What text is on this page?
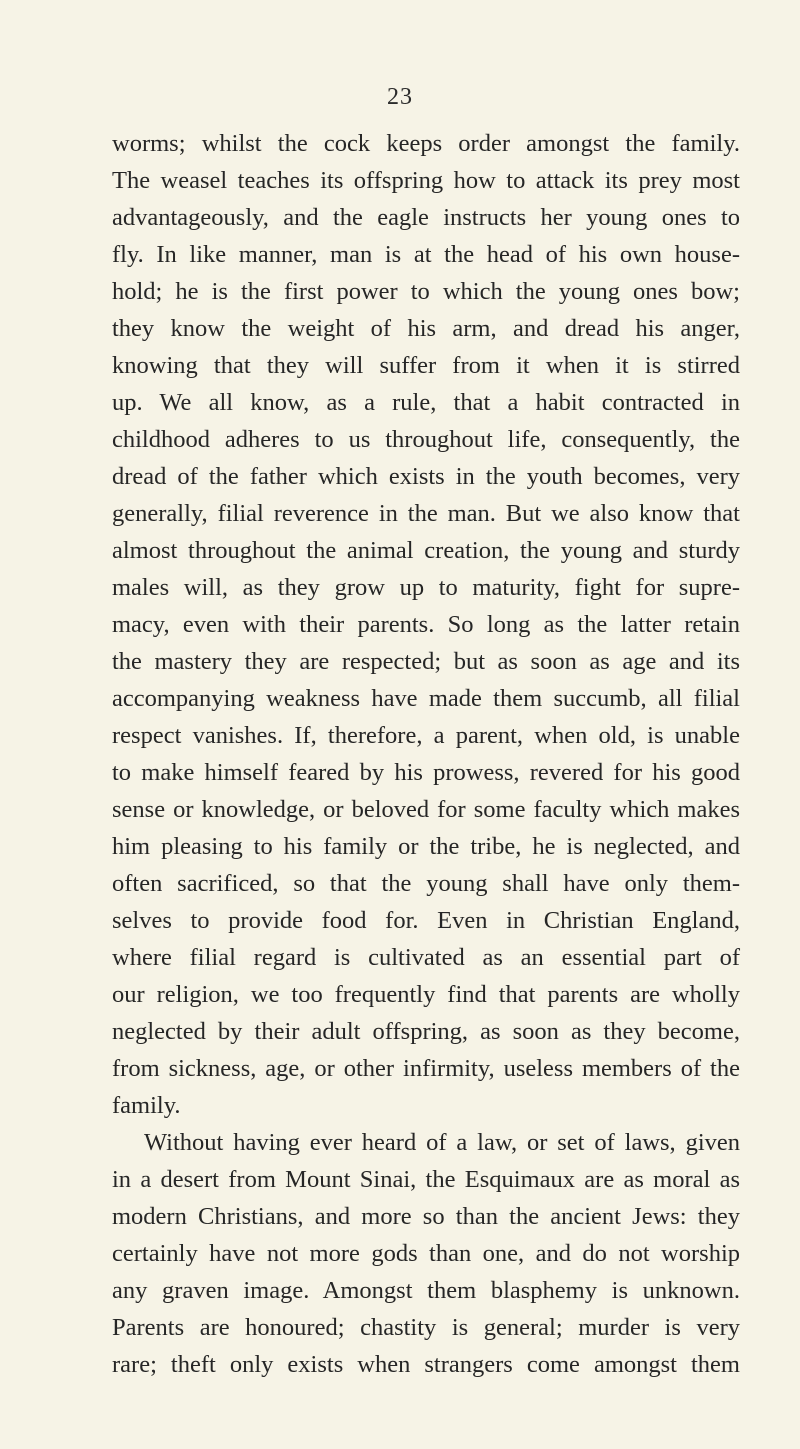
23
worms; whilst the cock keeps order amongst the family.
The weasel teaches its offspring how to attack its prey most
advantageously, and the eagle instructs her young ones to
fly. In like manner, man is at the head of his own house-
hold; he is the first power to which the young ones bow;
they know the weight of his arm, and dread his anger,
knowing that they will suffer from it when it is stirred
up. We all know, as a rule, that a habit contracted in
childhood adheres to us throughout life, consequently, the
dread of the father which exists in the youth becomes, very
generally, filial reverence in the man. But we also know that
almost throughout the animal creation, the young and sturdy
males will, as they grow up to maturity, fight for supre-
macy, even with their parents. So long as the latter retain
the mastery they are respected; but as soon as age and its
accompanying weakness have made them succumb, all filial
respect vanishes. If, therefore, a parent, when old, is unable
to make himself feared by his prowess, revered for his good
sense or knowledge, or beloved for some faculty which makes
him pleasing to his family or the tribe, he is neglected, and
often sacrificed, so that the young shall have only them-
selves to provide food for. Even in Christian England,
where filial regard is cultivated as an essential part of
our religion, we too frequently find that parents are wholly
neglected by their adult offspring, as soon as they become,
from sickness, age, or other infirmity, useless members of the
family.
Without having ever heard of a law, or set of laws, given
in a desert from Mount Sinai, the Esquimaux are as moral as
modern Christians, and more so than the ancient Jews: they
certainly have not more gods than one, and do not worship
any graven image. Amongst them blasphemy is unknown.
Parents are honoured; chastity is general; murder is very
rare; theft only exists when strangers come amongst them
